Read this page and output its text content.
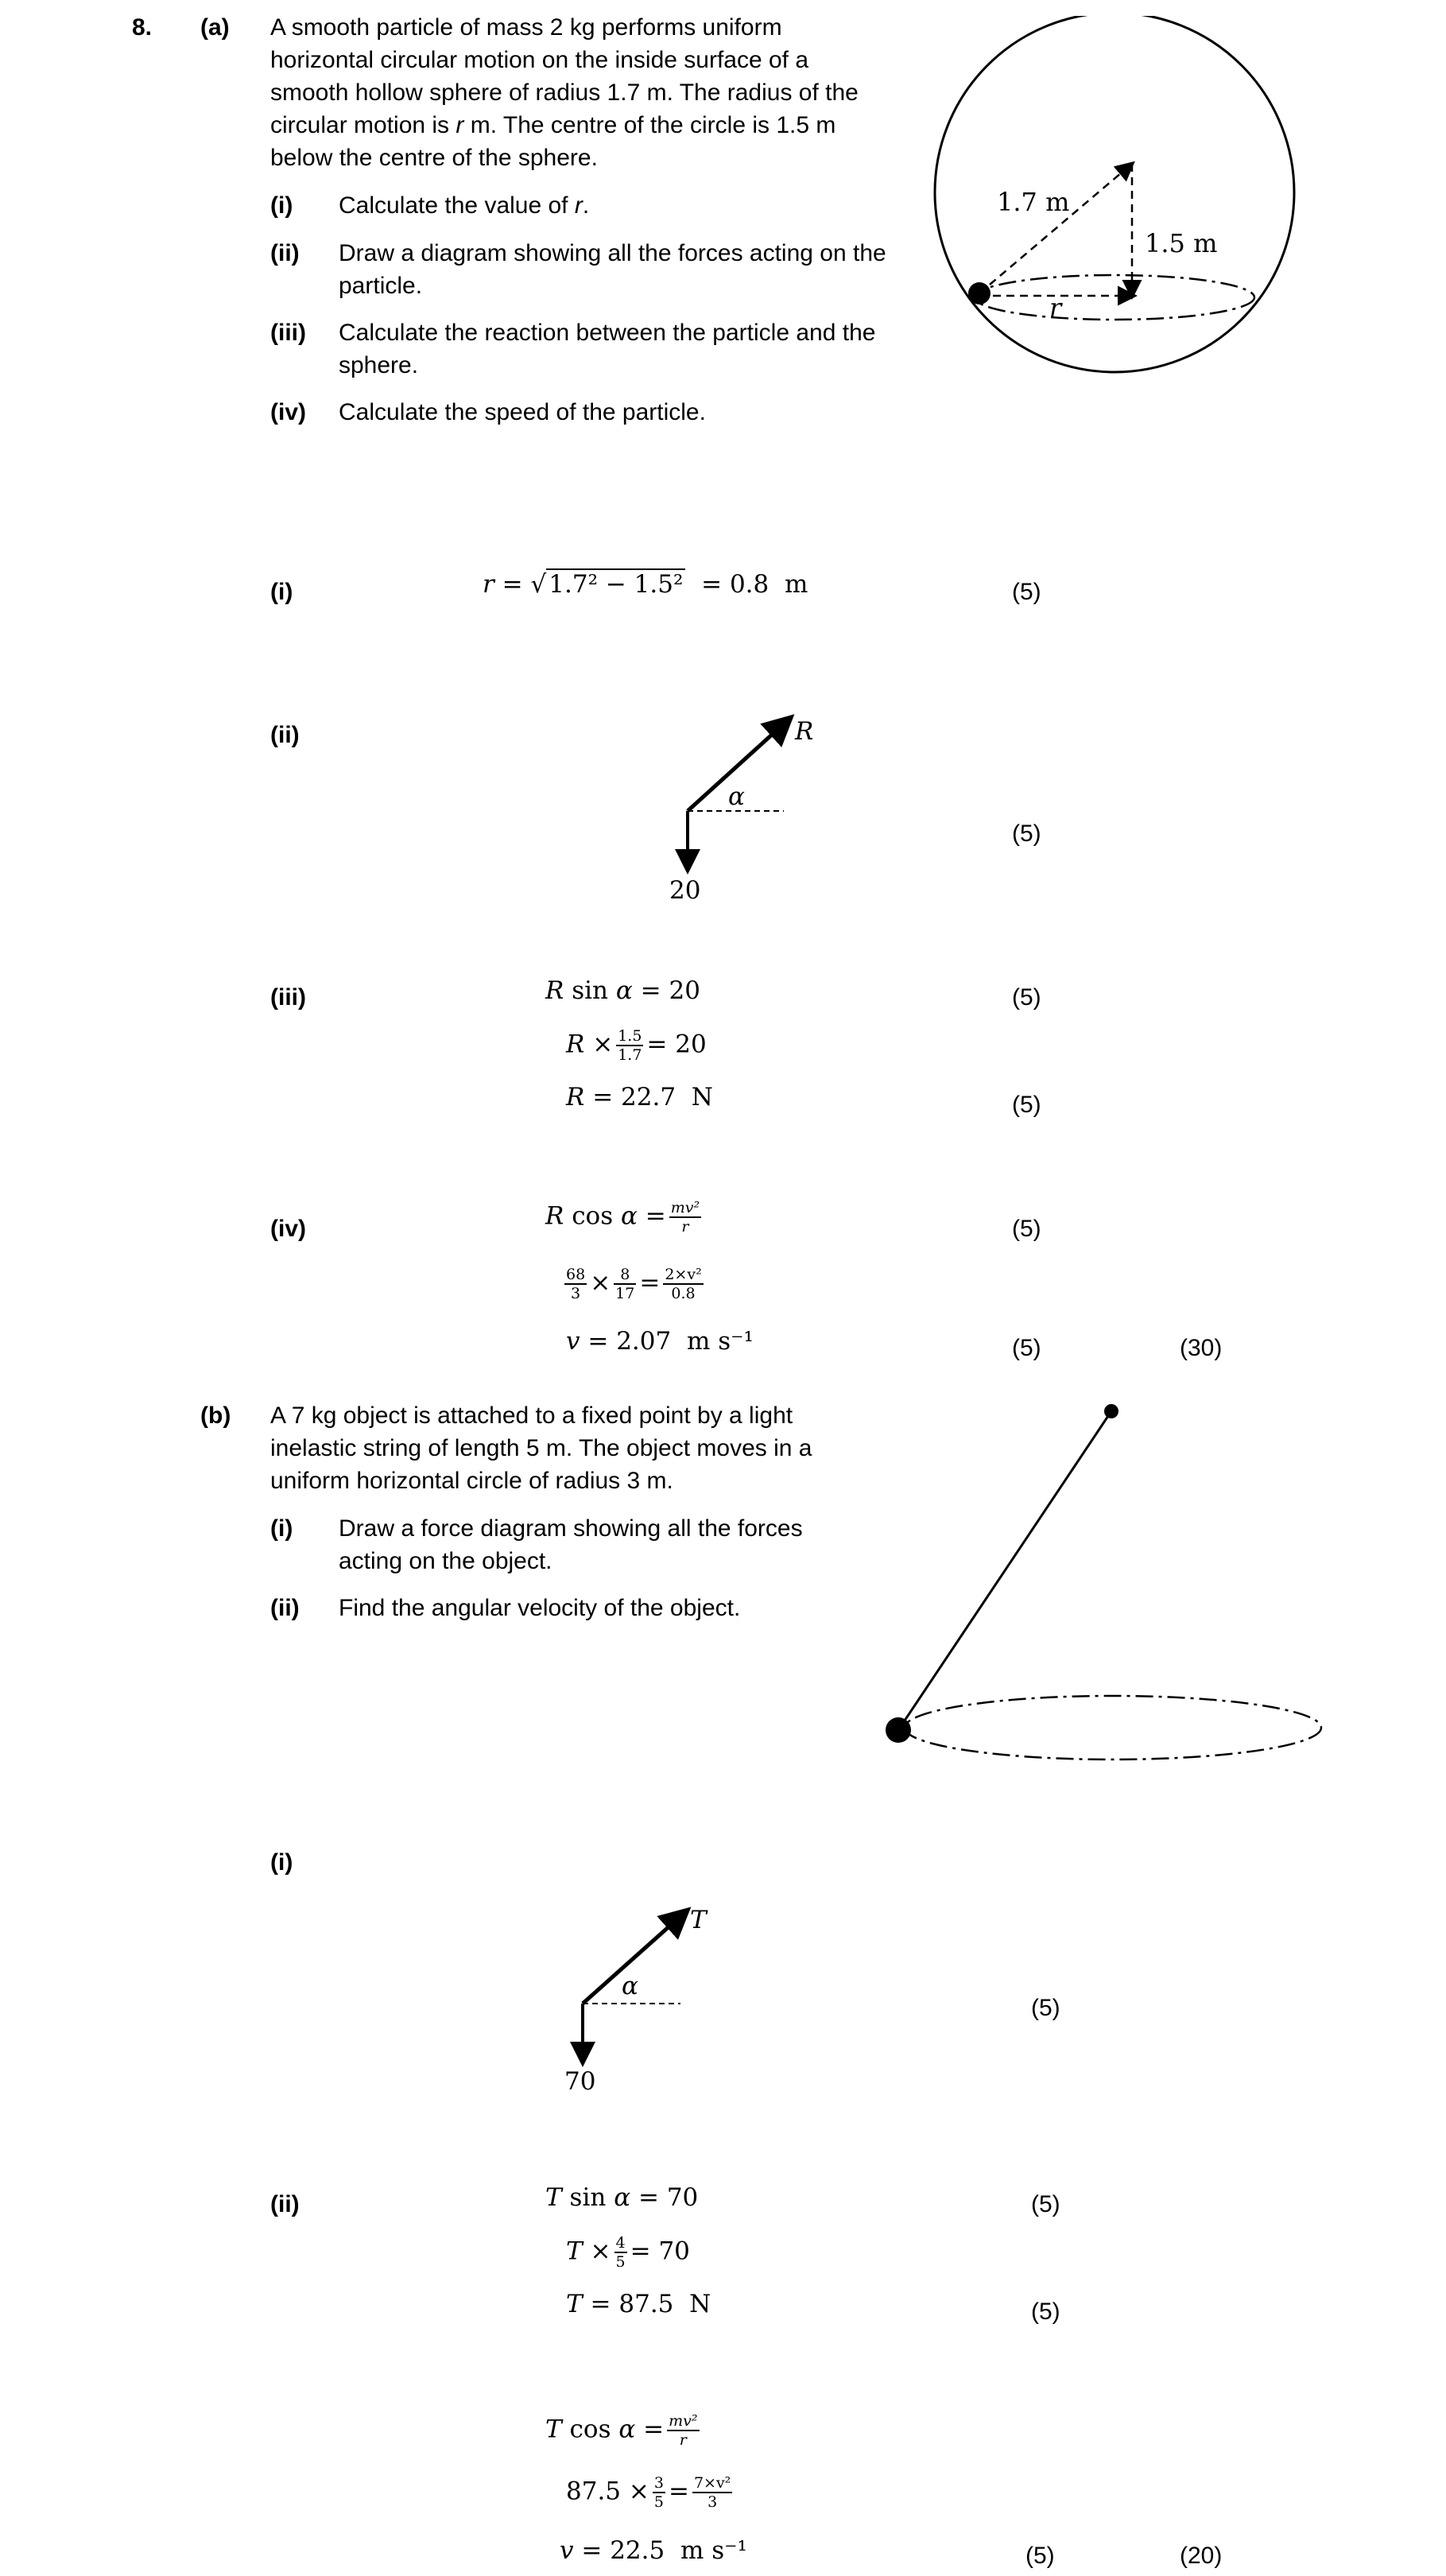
8. (a) A smooth particle of mass 2 kg performs uniform
horizontal circular motion on the inside surface of a
smooth hollow sphere of radius 1.7 m. The radius of the
circular motion is r m. The centre of the circle is 1.5 m
below the centre of the sphere.
(i) Calculate the value of r.
(ii) Draw a diagram showing all the forces acting on the
particle.
(iii) Calculate the reaction between the particle and the
sphere.
(iv) Calculate the speed of the particle.
1.7 m
1.5 m
r
(i)	r = √1.7² − 1.5² = 0.8 m	(5)
(ii)	R
α
20
(5)
(iii)	R sin α = 20	(5)
$R \times \frac{1.5}{1.7} = 20$
R = 22.7 N	(5)
(iv)	R $\cos \alpha = \frac{\text{mv²}}{r}$	(5)
$\frac{68}{3} \times \frac{8}{17} = \frac{\text{2×v²}}{0.8}$
v = 2.07 m s⁻¹	(5)	(30)
(b) A 7 kg object is attached to a fixed point by a light
inelastic string of length 5 m. The object moves in a
uniform horizontal circle of radius 3 m.
(i) Draw a force diagram showing all the forces
acting on the object.
(ii) Find the angular velocity of the object.
(i)
T
α
70
(5)
(ii)	T sin α = 70	(5)
$T \times \frac{4}{5} = 70$
T = 87.5 N	(5)
T $\cos \alpha = \frac{\text{mv²}}{r}$
$87.5 \times \frac{3}{5} = \frac{\text{7×v²}}{3}$
v = 22.5 m s⁻¹	(5)	(20)
